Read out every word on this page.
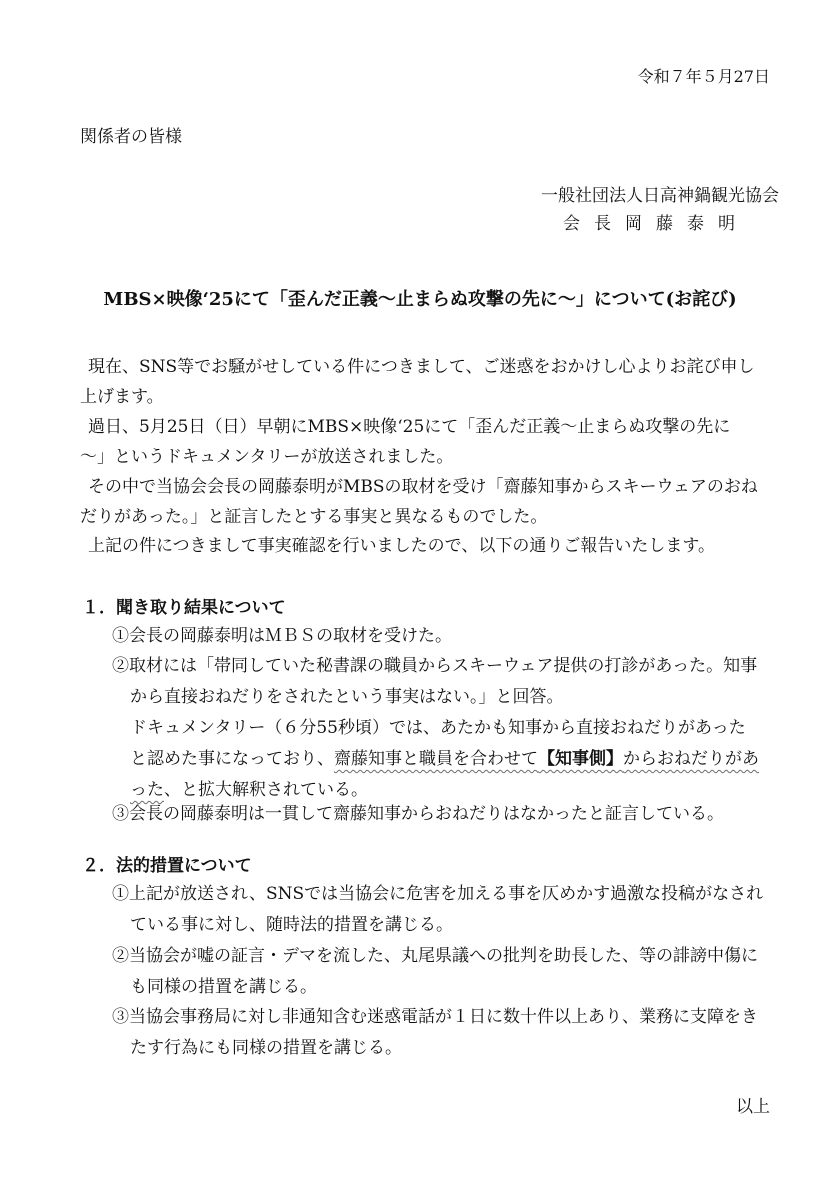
令和７年５月27日
関係者の皆様
一般社団法人日高神鍋観光協会
会長岡藤泰明
MBS×映像‘25にて「歪んだ正義～止まらぬ攻撃の先に～」について(お詫び)
現在、SNS等でお騒がせしている件につきまして、ご迷惑をおかけし心よりお詫び申し
上げます。
過日、5月25日（日）早朝にMBS×映像‘25にて「歪んだ正義～止まらぬ攻撃の先に
～」というドキュメンタリーが放送されました。
その中で当協会会長の岡藤泰明がMBSの取材を受け「齋藤知事からスキーウェアのおね
だりがあった。」と証言したとする事実と異なるものでした。
上記の件につきまして事実確認を行いましたので、以下の通りご報告いたします。
１．聞き取り結果について
①会長の岡藤泰明はＭＢＳの取材を受けた。
②取材には「帯同していた秘書課の職員からスキーウェア提供の打診があった。知事
から直接おねだりをされたという事実はない。」と回答。
ドキュメンタリー（６分55秒頃）では、あたかも知事から直接おねだりがあった
と認めた事になっており、齋藤知事と職員を合わせて【知事側】からおねだりがあ
った、と拡大解釈されている。
③会長の岡藤泰明は一貫して齋藤知事からおねだりはなかったと証言している。
２．法的措置について
①上記が放送され、SNSでは当協会に危害を加える事を仄めかす過激な投稿がなされ
ている事に対し、随時法的措置を講じる。
②当協会が嘘の証言・デマを流した、丸尾県議への批判を助長した、等の誹謗中傷に
も同様の措置を講じる。
③当協会事務局に対し非通知含む迷惑電話が１日に数十件以上あり、業務に支障をき
たす行為にも同様の措置を講じる。
以上
